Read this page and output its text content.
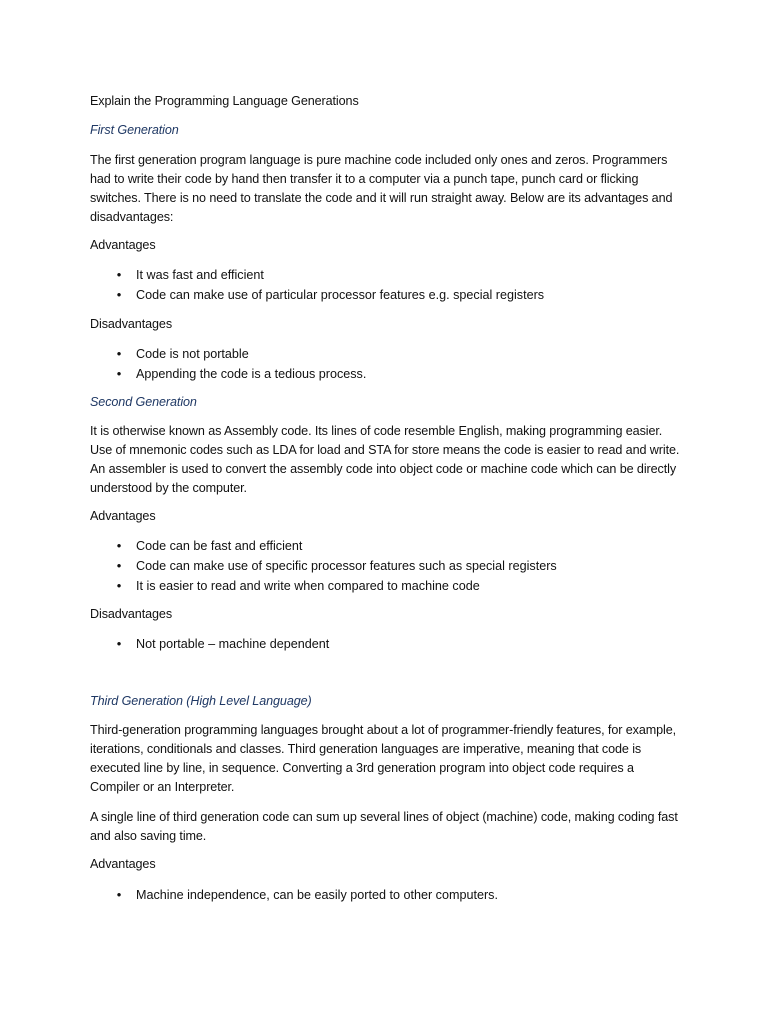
Explain the Programming Language Generations

First Generation

The first generation program language is pure machine code included only ones and zeros. Programmers had to write their code by hand then transfer it to a computer via a punch tape, punch card or flicking switches. There is no need to translate the code and it will run straight away. Below are its advantages and disadvantages:

Advantages

• It was fast and efficient
• Code can make use of particular processor features e.g. special registers

Disadvantages

• Code is not portable
• Appending the code is a tedious process.

Second Generation

It is otherwise known as Assembly code. Its lines of code resemble English, making programming easier. Use of mnemonic codes such as LDA for load and STA for store means the code is easier to read and write. An assembler is used to convert the assembly code into object code or machine code which can be directly understood by the computer.

Advantages

• Code can be fast and efficient
• Code can make use of specific processor features such as special registers
• It is easier to read and write when compared to machine code

Disadvantages

• Not portable – machine dependent

Third Generation (High Level Language)

Third-generation programming languages brought about a lot of programmer-friendly features, for example, iterations, conditionals and classes. Third generation languages are imperative, meaning that code is executed line by line, in sequence. Converting a 3rd generation program into object code requires a Compiler or an Interpreter.

A single line of third generation code can sum up several lines of object (machine) code, making coding fast and also saving time.

Advantages

• Machine independence, can be easily ported to other computers.
